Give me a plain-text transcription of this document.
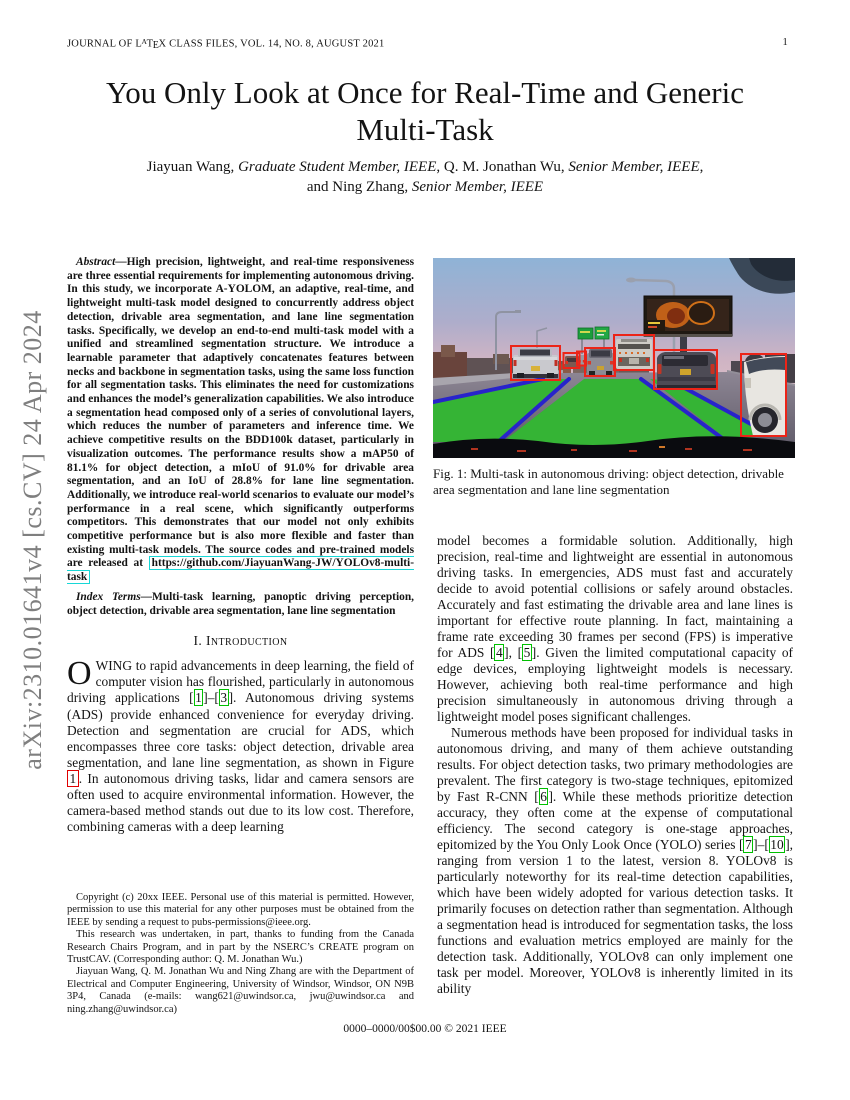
JOURNAL OF $L^ATEX$ CLASS FILES, VOL. 14, NO. 8, AUGUST 2021	1
arXiv:2310.01641v4 [cs.CV] 24 Apr 2024
You Only Look at Once for Real-Time and Generic
Multi-Task
Jiayuan Wang, Graduate Student Member, IEEE, Q. M. Jonathan Wu, Senior Member, IEEE,
and Ning Zhang, Senior Member, IEEE

Abstract—High precision, lightweight, and real-time responsiveness are three essential requirements for implementing autonomous driving. In this study, we incorporate A-YOLOM, an adaptive, real-time, and lightweight multi-task model designed to concurrently address object detection, drivable area segmentation, and lane line segmentation tasks. Specifically, we develop an end-to-end multi-task model with a unified and streamlined segmentation structure. We introduce a learnable parameter that adaptively concatenates features between necks and backbone in segmentation tasks, using the same loss function for all segmentation tasks. This eliminates the need for customizations and enhances the model’s generalization capabilities. We also introduce a segmentation head composed only of a series of convolutional layers, which reduces the number of parameters and inference time. We achieve competitive results on the BDD100k dataset, particularly in visualization outcomes. The performance results show a mAP50 of 81.1% for object detection, a mIoU of 91.0% for drivable area segmentation, and an IoU of 28.8% for lane line segmentation. Additionally, we introduce real-world scenarios to evaluate our model’s performance in a real scene, which significantly outperforms competitors. This demonstrates that our model not only exhibits competitive performance but is also more flexible and faster than existing multi-task models. The source codes and pre-trained models are released at https://github.com/JiayuanWang-JW/YOLOv8-multi-task

Index Terms—Multi-task learning, panoptic driving perception, object detection, drivable area segmentation, lane line segmentation

I. Introduction

OWING to rapid advancements in deep learning, the field of computer vision has flourished, particularly in autonomous driving applications [ 1 ]–[ 3 ]. Autonomous driving systems (ADS) provide enhanced convenience for everyday driving. Detection and segmentation are crucial for ADS, which encompasses three core tasks: object detection, drivable area segmentation, and lane line segmentation, as shown in Figure 1 . In autonomous driving tasks, lidar and camera sensors are often used to acquire environmental information. However, the camera-based method stands out due to its low cost. Therefore, combining cameras with a deep learning

Fig. 1: Multi-task in autonomous driving: object detection, drivable area segmentation and lane line segmentation

model becomes a formidable solution. Additionally, high precision, real-time and lightweight are essential in autonomous driving tasks. In emergencies, ADS must fast and accurately decide to avoid potential collisions or safely around obstacles. Accurately and fast estimating the drivable area and lane lines is important for effective route planning. In fact, maintaining a frame rate exceeding 30 frames per second (FPS) is imperative for ADS [ 4 ], [ 5 ]. Given the limited computational capacity of edge devices, employing lightweight models is necessary. However, achieving both real-time performance and high precision simultaneously in autonomous driving through a lightweight model poses significant challenges.

Numerous methods have been proposed for individual tasks in autonomous driving, and many of them achieve outstanding results. For object detection tasks, two primary methodologies are prevalent. The first category is two-stage techniques, epitomized by Fast R-CNN [ 6 ]. While these methods prioritize detection accuracy, they often come at the expense of computational efficiency. The second category is one-stage approaches, epitomized by the You Only Look Once (YOLO) series [ 7 ]–[ 10 ], ranging from version 1 to the latest, version 8. YOLOv8 is particularly noteworthy for its real-time detection capabilities, which have been widely adopted for various detection tasks. It primarily focuses on detection rather than segmentation. Although a segmentation head is introduced for segmentation tasks, the loss functions and evaluation metrics employed are mainly for the detection task. Additionally, YOLOv8 can only implement one task per model. Moreover, YOLOv8 is inherently limited in its ability

Copyright (c) 20xx IEEE. Personal use of this material is permitted. However, permission to use this material for any other purposes must be obtained from the IEEE by sending a request to pubs-permissions@ieee.org.

This research was undertaken, in part, thanks to funding from the Canada Research Chairs Program, and in part by the NSERC’s CREATE program on TrustCAV. (Corresponding author: Q. M. Jonathan Wu.)

Jiayuan Wang, Q. M. Jonathan Wu and Ning Zhang are with the Department of Electrical and Computer Engineering, University of Windsor, Windsor, ON N9B 3P4, Canada (e-mails: wang621@uwindsor.ca, jwu@uwindsor.ca and ning.zhang@uwindsor.ca)

0000–0000/00$00.00 © 2021 IEEE
